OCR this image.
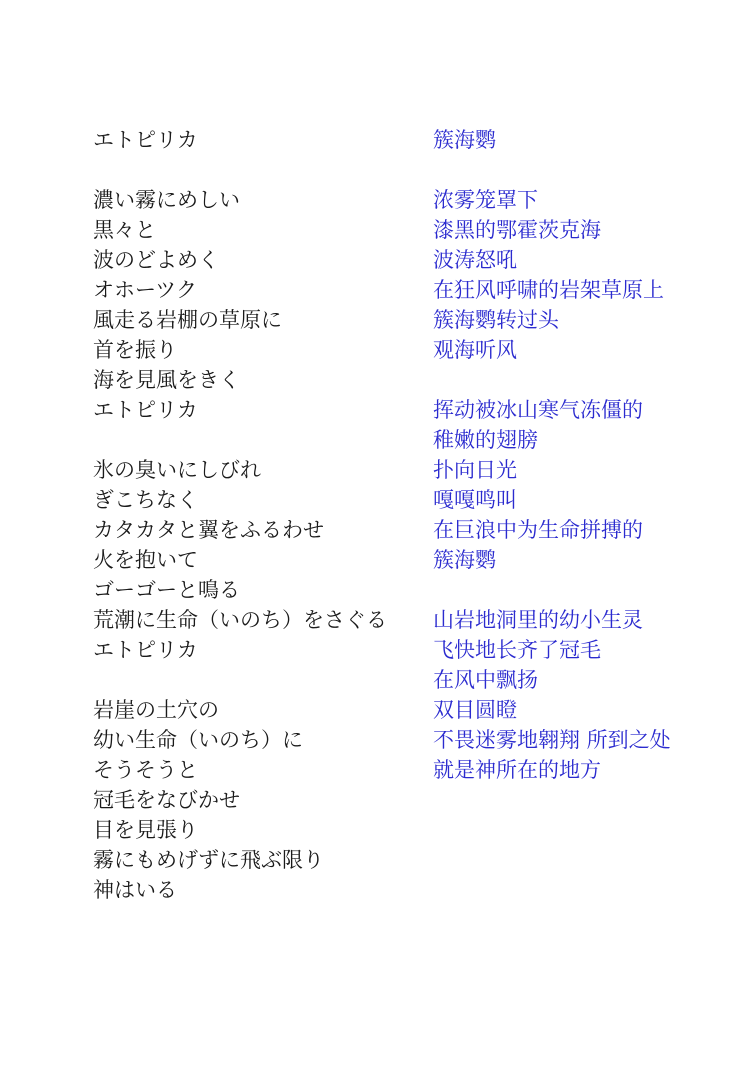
エトピリカ
濃い霧にめしい
黒々と
波のどよめく
オホーツク
風走る岩棚の草原に
首を振り
海を見風をきく
エトピリカ
氷の臭いにしびれ
ぎこちなく
カタカタと翼をふるわせ
火を抱いて
ゴーゴーと鳴る
荒潮に生命（いのち）をさぐる
エトピリカ
岩崖の土穴の
幼い生命（いのち）に
そうそうと
冠毛をなびかせ
目を見張り
霧にもめげずに飛ぶ限り
神はいる
簇海鹦
浓雾笼罩下
漆黑的鄂霍茨克海
波涛怒吼
在狂风呼啸的岩架草原上
簇海鹦转过头
观海听风
挥动被冰山寒气冻僵的
稚嫩的翅膀
扑向日光
嘎嘎鸣叫
在巨浪中为生命拼搏的
簇海鹦
山岩地洞里的幼小生灵
飞快地长齐了冠毛
在风中飘扬
双目圆瞪
不畏迷雾地翱翔 所到之处
就是神所在的地方
